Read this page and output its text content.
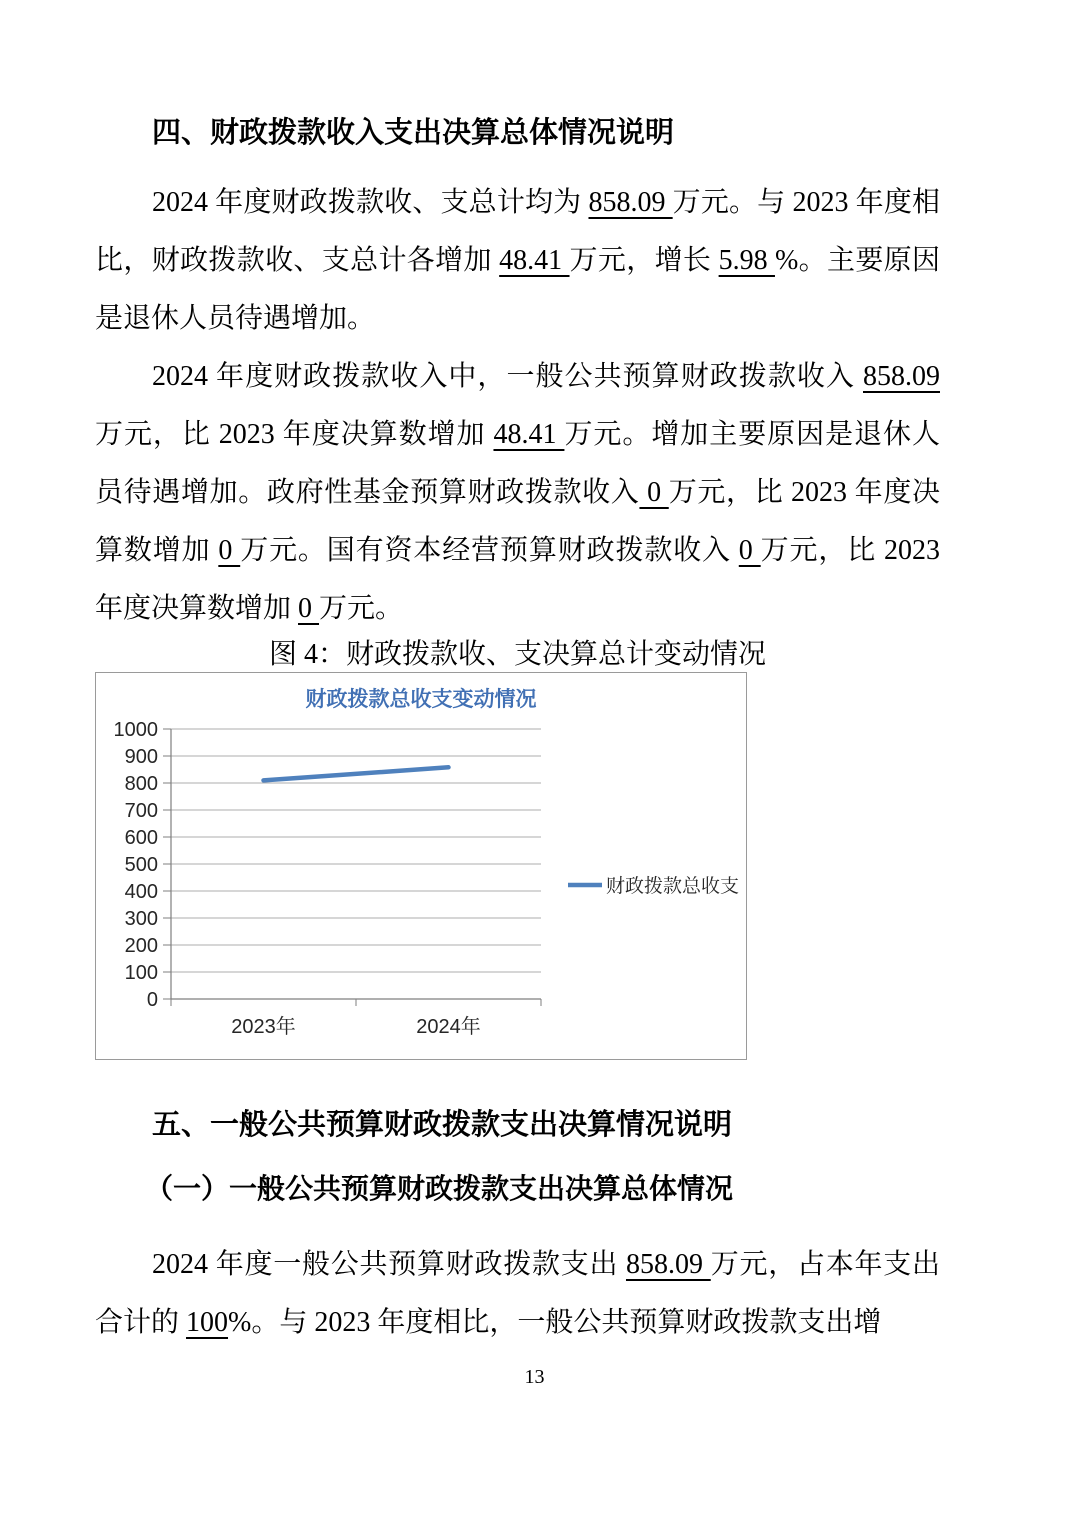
四、财政拨款收入支出决算总体情况说明

2024 年度财政拨款收、支总计均为 858.09 万元。与 2023 年度相比，财政拨款收、支总计各增加 48.41 万元，增长 5.98 %。主要原因是退休人员待遇增加。

2024 年度财政拨款收入中，一般公共预算财政拨款收入 858.09 万元，比 2023 年度决算数增加 48.41 万元。增加主要原因是退休人员待遇增加。政府性基金预算财政拨款收入 0 万元，比 2023 年度决算数增加 0 万元。国有资本经营预算财政拨款收入 0 万元，比 2023 年度决算数增加 0 万元。

图 4：财政拨款收、支决算总计变动情况
财政拨款总收支变动情况
0
100
200
300
400
500
600
700
800
900
1000
2023年	2024年
财政拨款总收支
五、一般公共预算财政拨款支出决算情况说明
（一）一般公共预算财政拨款支出决算总体情况

2024 年度一般公共预算财政拨款支出 858.09 万元，占本年支出合计的 100%。与 2023 年度相比，一般公共预算财政拨款支出增

13
